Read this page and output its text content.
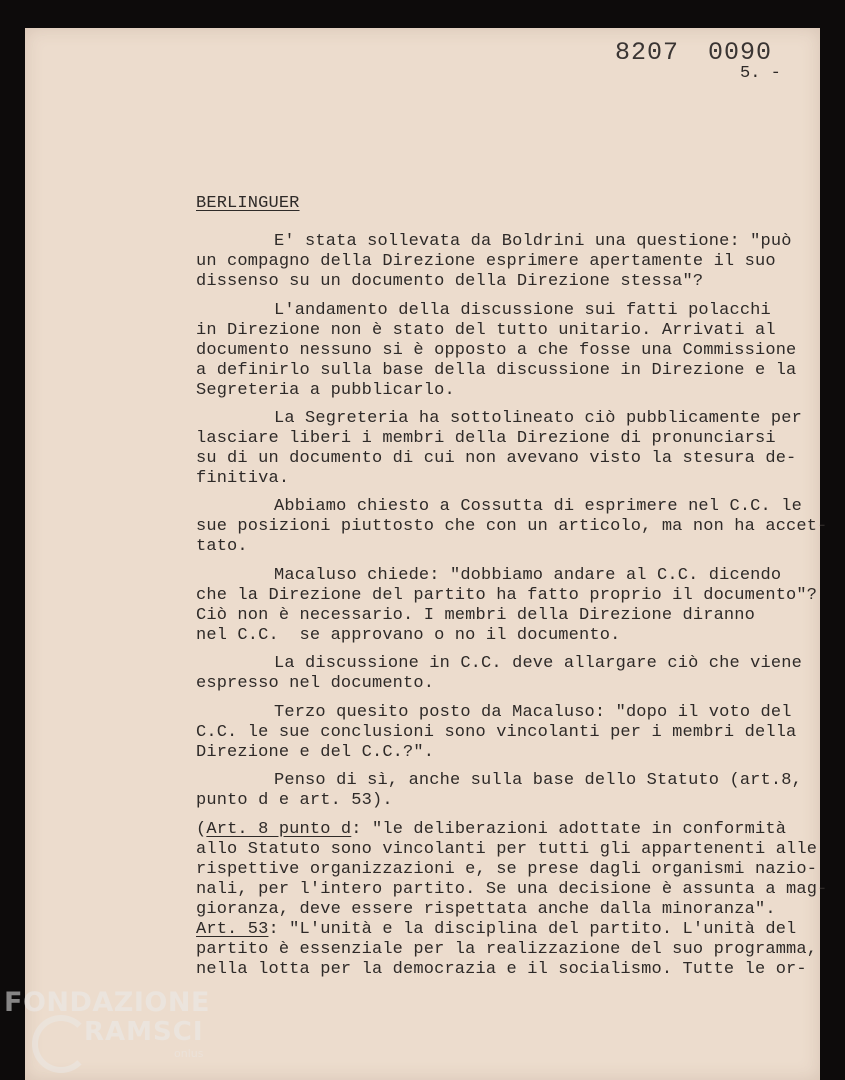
8207 0090
5. -
BERLINGUER
E' stata sollevata da Boldrini una questione: "può
un compagno della Direzione esprimere apertamente il suo
dissenso su un documento della Direzione stessa"?
L'andamento della discussione sui fatti polacchi
in Direzione non è stato del tutto unitario. Arrivati al
documento nessuno si è opposto a che fosse una Commissione
a definirlo sulla base della discussione in Direzione e la
Segreteria a pubblicarlo.
La Segreteria ha sottolineato ciò pubblicamente per
lasciare liberi i membri della Direzione di pronunciarsi
su di un documento di cui non avevano visto la stesura de-
finitiva.
Abbiamo chiesto a Cossutta di esprimere nel C.C. le
sue posizioni piuttosto che con un articolo, ma non ha accet-
tato.
Macaluso chiede: "dobbiamo andare al C.C. dicendo
che la Direzione del partito ha fatto proprio il documento"?
Ciò non è necessario. I membri della Direzione diranno
nel C.C.  se approvano o no il documento.
La discussione in C.C. deve allargare ciò che viene
espresso nel documento.
Terzo quesito posto da Macaluso: "dopo il voto del
C.C. le sue conclusioni sono vincolanti per i membri della
Direzione e del C.C.?".
Penso di sì, anche sulla base dello Statuto (art.8,
punto d e art. 53).
(Art. 8 punto d: "le deliberazioni adottate in conformità
allo Statuto sono vincolanti per tutti gli appartenenti alle
rispettive organizzazioni e, se prese dagli organismi nazio-
nali, per l'intero partito. Se una decisione è assunta a mag-
gioranza, deve essere rispettata anche dalla minoranza".
Art. 53: "L'unità e la disciplina del partito. L'unità del
partito è essenziale per la realizzazione del suo programma,
nella lotta per la democrazia e il socialismo. Tutte le or-
FONDAZIONE
RAMSCI
onlus
